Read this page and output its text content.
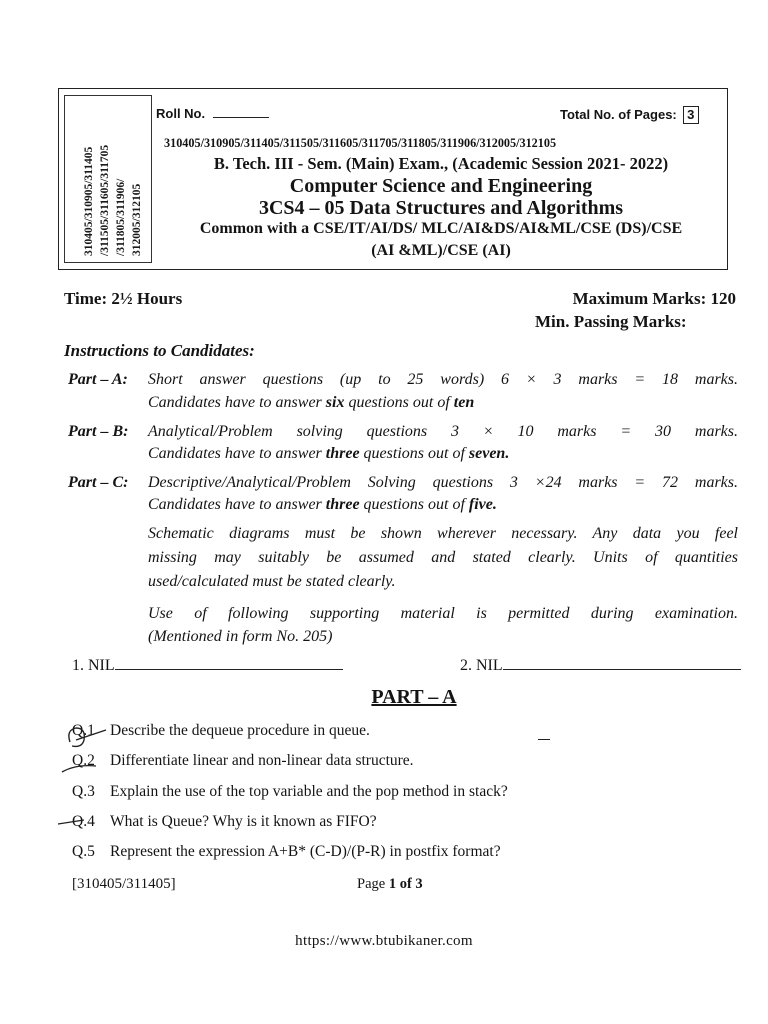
310405/310905/311405 /311505/311605/311705 /311805/311906/ 312005/312105
Roll No.	Total No. of Pages: 3
310405/310905/311405/311505/311605/311705/311805/311906/312005/312105
B. Tech. III - Sem. (Main) Exam., (Academic Session 2021- 2022)
Computer Science and Engineering
3CS4 – 05 Data Structures and Algorithms
Common with a CSE/IT/AI/DS/ MLC/AI&DS/AI&ML/CSE (DS)/CSE
(AI &ML)/CSE (AI)
Time: 2½ Hours	Maximum Marks: 120
Min. Passing Marks:
Instructions to Candidates:
Part – A: Short answer questions (up to 25 words) 6 × 3 marks = 18 marks.
Candidates have to answer six questions out of ten
Part – B: Analytical/Problem solving questions 3 × 10 marks = 30 marks.
Candidates have to answer three questions out of seven.
Part – C: Descriptive/Analytical/Problem Solving questions 3 ×24 marks = 72 marks.
Candidates have to answer three questions out of five.
Schematic diagrams must be shown wherever necessary. Any data you feel
missing may suitably be assumed and stated clearly. Units of quantities
used/calculated must be stated clearly.
Use of following supporting material is permitted during examination.
(Mentioned in form No. 205)
1. NIL	2. NIL
PART – A
Q.1 Describe the dequeue procedure in queue.
Q.2 Differentiate linear and non-linear data structure.
Q.3 Explain the use of the top variable and the pop method in stack?
Q.4 What is Queue? Why is it known as FIFO?
Q.5 Represent the expression A+B* (C-D)/(P-R) in postfix format?
[310405/311405]	Page 1 of 3
https://www.btubikaner.com
